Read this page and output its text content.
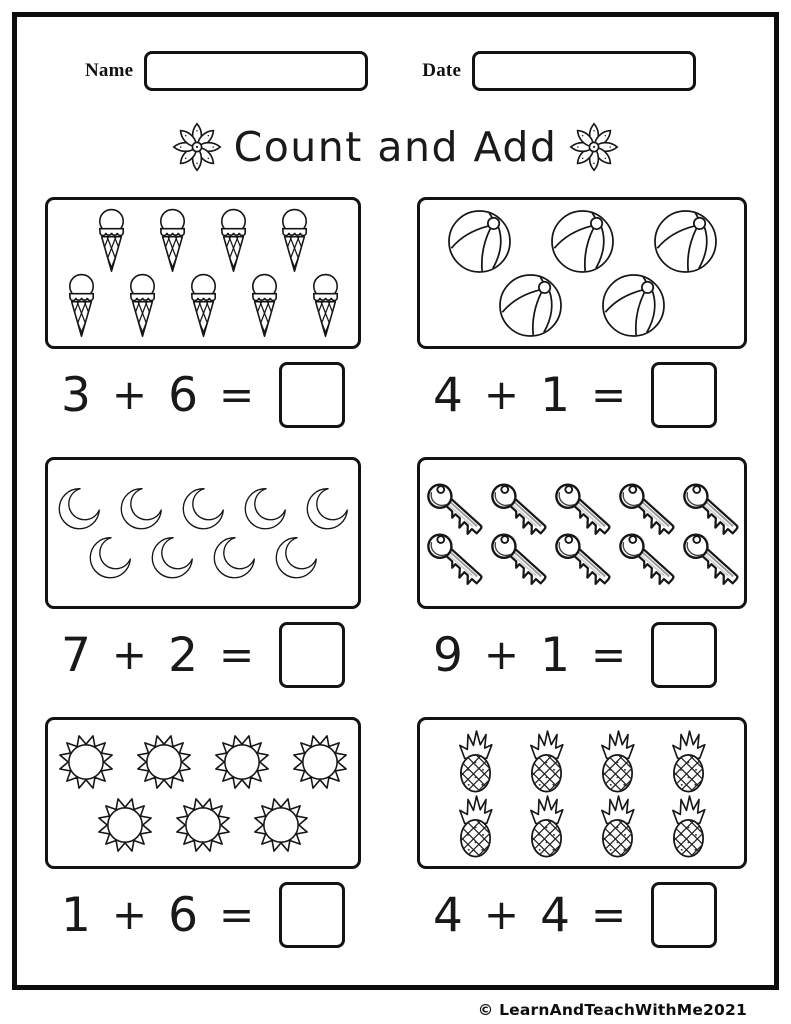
Name	Date
Count and Add
3 + 6 =	4 + 1 =
7 + 2 =	9 + 1 =
1 + 6 =	4 + 4 =
© LearnAndTeachWithMe2021
